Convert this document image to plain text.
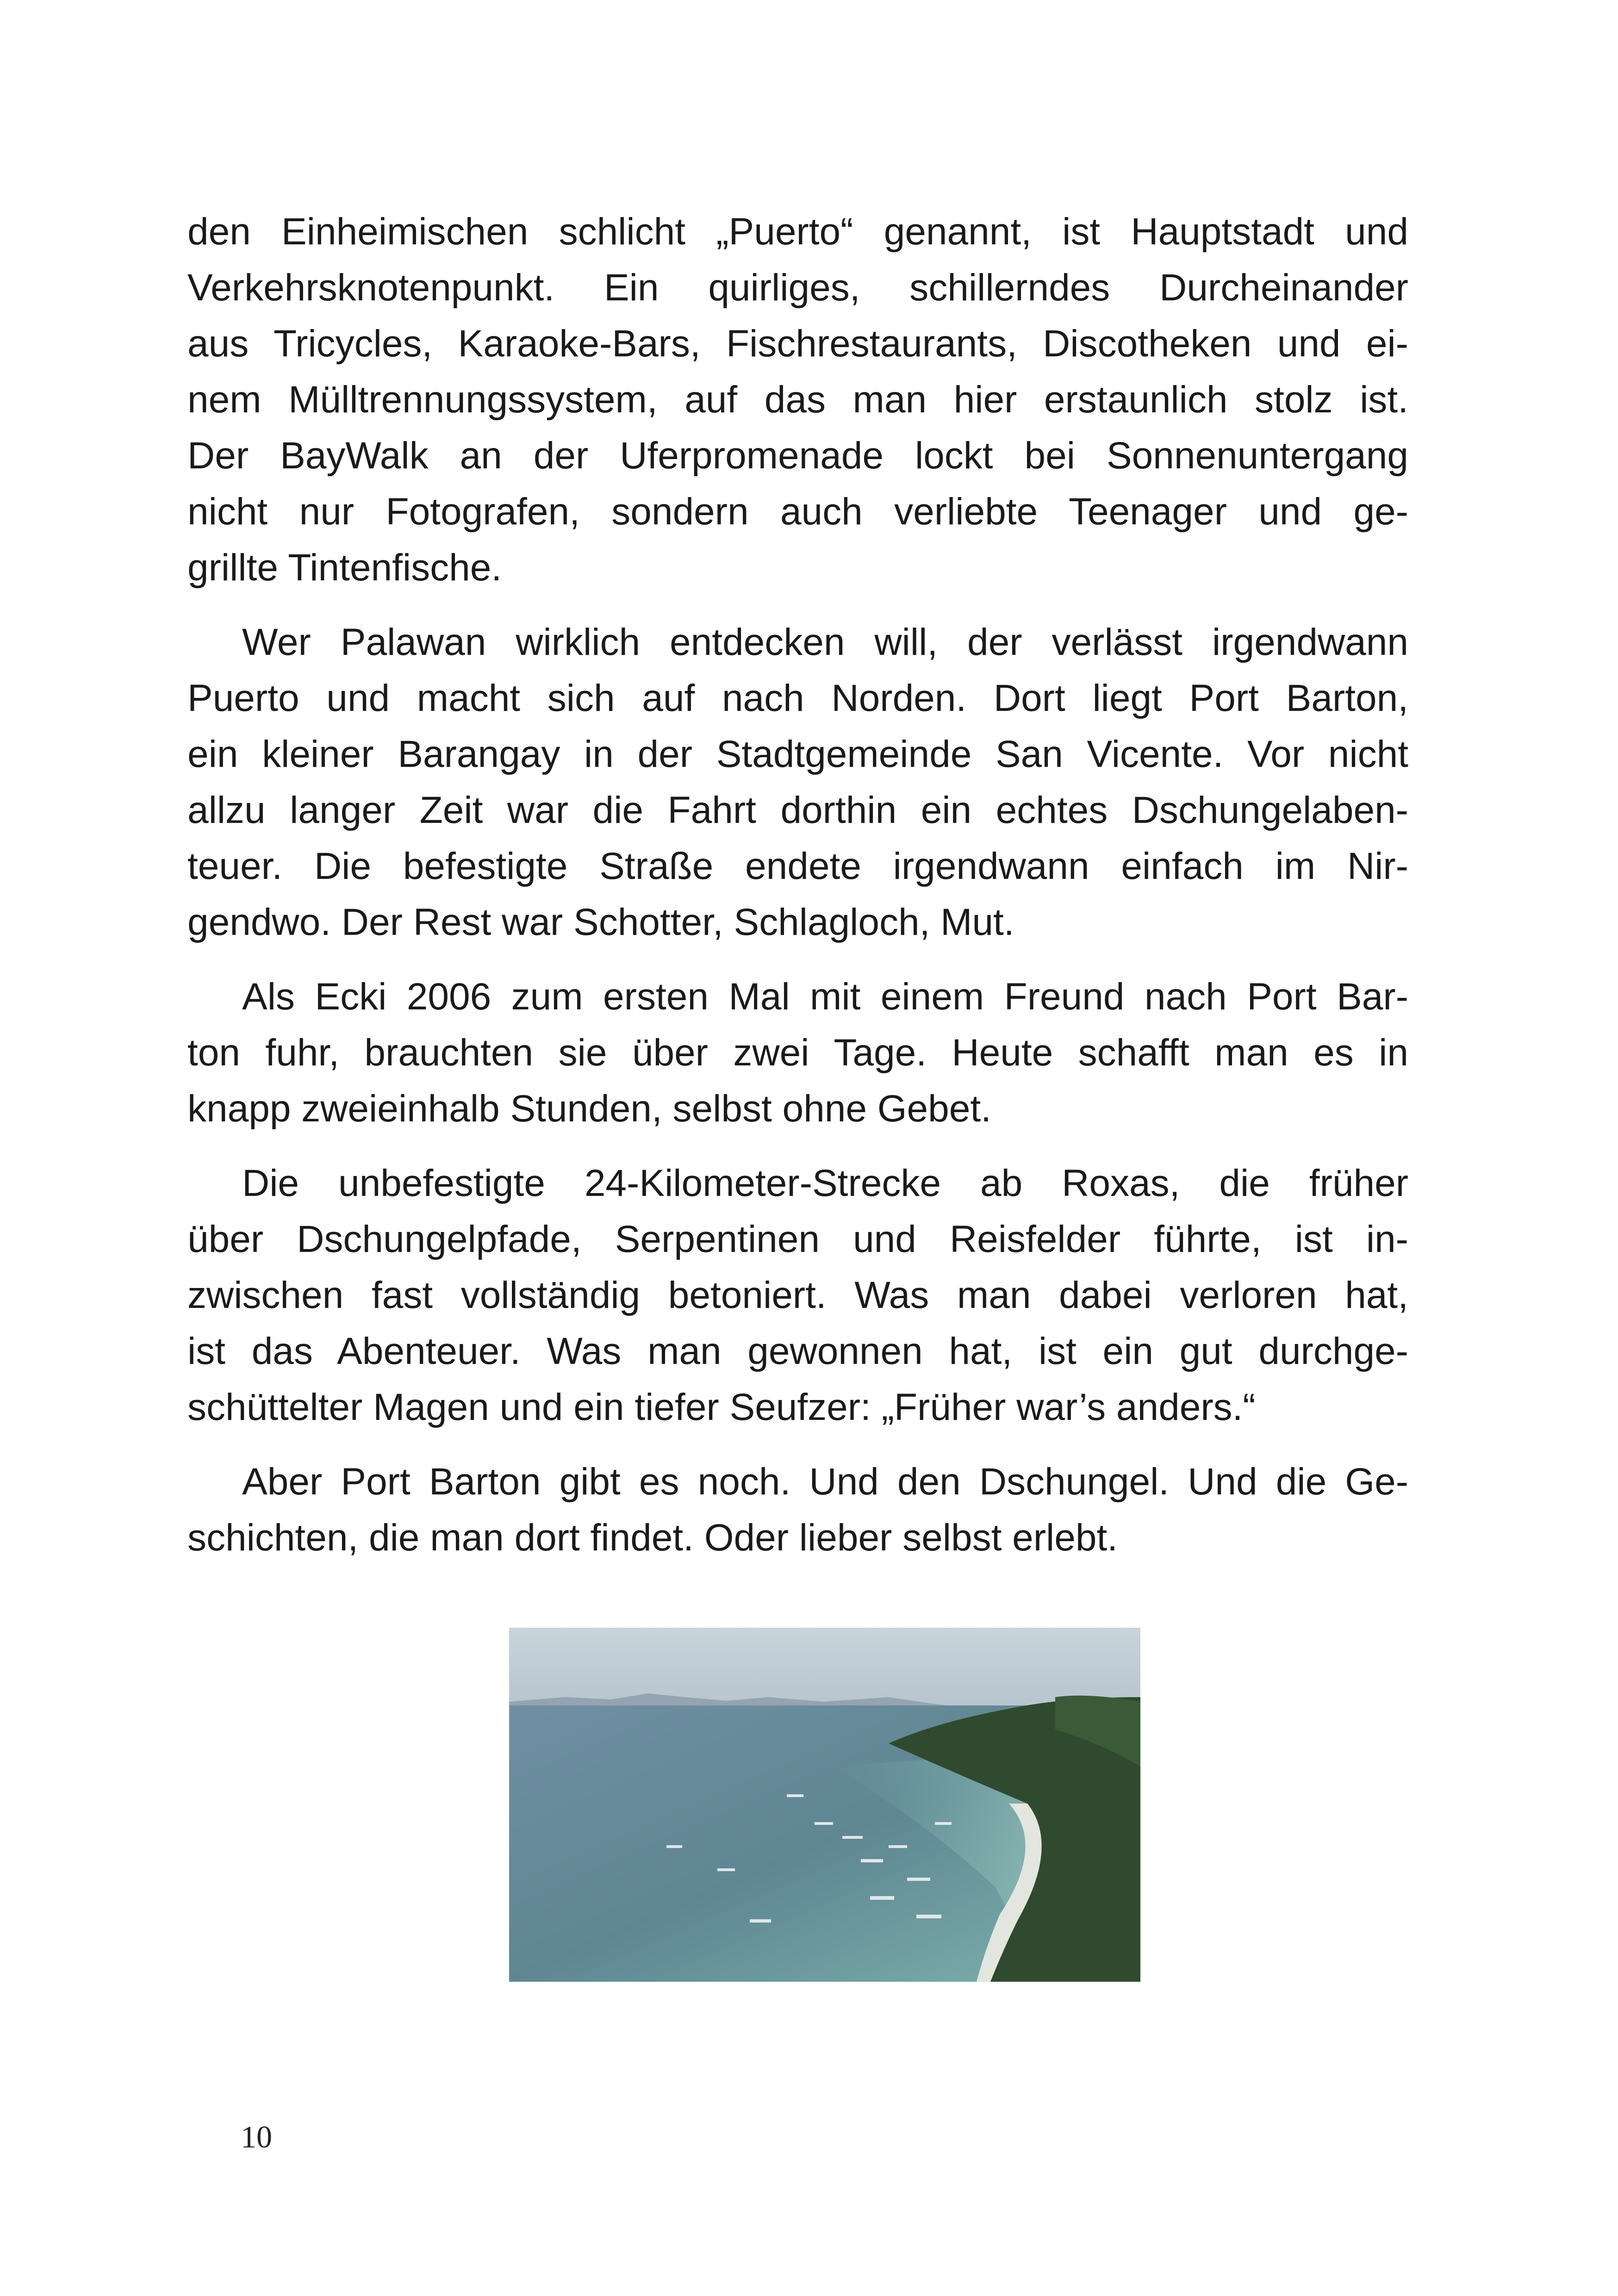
den Einheimischen schlicht „Puerto“ genannt, ist Hauptstadt und
Verkehrsknotenpunkt. Ein quirliges, schillerndes Durcheinander
aus Tricycles, Karaoke-Bars, Fischrestaurants, Discotheken und ei-
nem Mülltrennungssystem, auf das man hier erstaunlich stolz ist.
Der BayWalk an der Uferpromenade lockt bei Sonnenuntergang
nicht nur Fotografen, sondern auch verliebte Teenager und ge-
grillte Tintenfische.

Wer Palawan wirklich entdecken will, der verlässt irgendwann
Puerto und macht sich auf nach Norden. Dort liegt Port Barton,
ein kleiner Barangay in der Stadtgemeinde San Vicente. Vor nicht
allzu langer Zeit war die Fahrt dorthin ein echtes Dschungelaben-
teuer. Die befestigte Straße endete irgendwann einfach im Nir-
gendwo. Der Rest war Schotter, Schlagloch, Mut.

Als Ecki 2006 zum ersten Mal mit einem Freund nach Port Bar-
ton fuhr, brauchten sie über zwei Tage. Heute schafft man es in
knapp zweieinhalb Stunden, selbst ohne Gebet.

Die unbefestigte 24-Kilometer-Strecke ab Roxas, die früher
über Dschungelpfade, Serpentinen und Reisfelder führte, ist in-
zwischen fast vollständig betoniert. Was man dabei verloren hat,
ist das Abenteuer. Was man gewonnen hat, ist ein gut durchge-
schüttelter Magen und ein tiefer Seufzer: „Früher war’s anders.“

Aber Port Barton gibt es noch. Und den Dschungel. Und die Ge-
schichten, die man dort findet. Oder lieber selbst erlebt.

10
